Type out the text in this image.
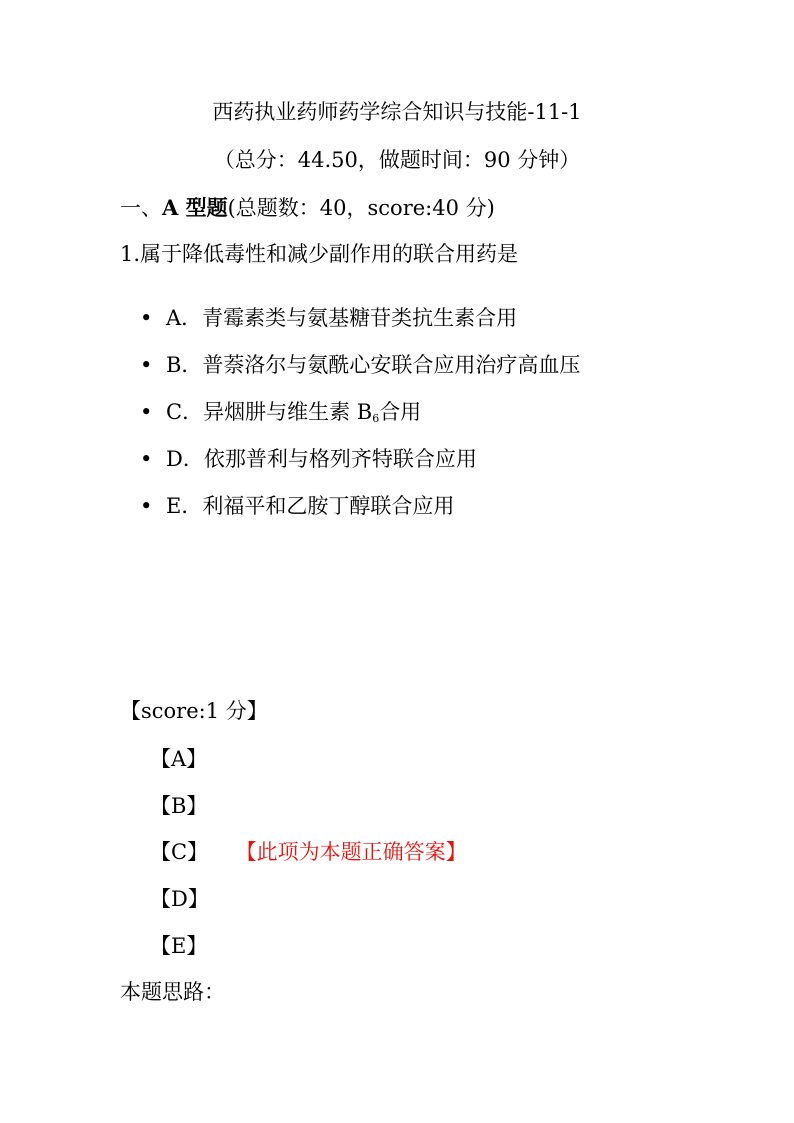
西药执业药师药学综合知识与技能-11-1
（总分：44.50，做题时间：90 分钟）
一、A 型题(总题数：40，score:40 分)
1.属于降低毒性和减少副作用的联合用药是
• A．青霉素类与氨基糖苷类抗生素合用
• B．普萘洛尔与氨酰心安联合应用治疗高血压
• C．异烟肼与维生素 $B_6$合用
• D．依那普利与格列齐特联合应用
• E．利福平和乙胺丁醇联合应用
【score:1 分】
【A】
【B】
【C】 【此项为本题正确答案】
【D】
【E】
本题思路：
